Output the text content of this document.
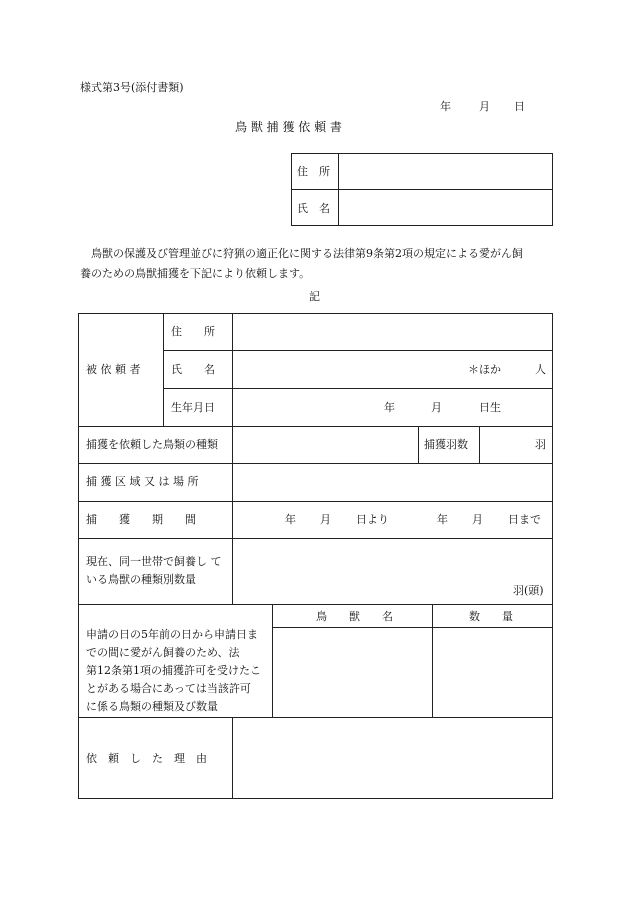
様式第3号(添付書類)
年	月 日
鳥 獣 捕 獲 依 頼 書
住　所
氏　名
鳥獣の保護及び管理並びに狩猟の適正化に関する法律第9条第2項の規定による愛がん飼
養のための鳥獣捕獲を下記により依頼します。
記
被 依 頼 者
住　　所
氏　　名	＊ほか	人
生年月日	年	月	日生
捕獲を依頼した鳥類の種類	捕獲羽数	羽
捕 獲 区 域 又 は 場 所
捕　　獲　　期　　間	年 月 日より	年 月 日まで
現在、同一世帯で飼養し て
いる鳥獣の種類別数量
羽(頭)
申請の日の5年前の日から申請日ま
での間に愛がん飼養のため、法
第12条第1項の捕獲許可を受けたこ
とがある場合にあっては当該許可
に係る鳥類の種類及び数量
鳥　　獣　　名	数　　量
依　頼　し　た　理　由
